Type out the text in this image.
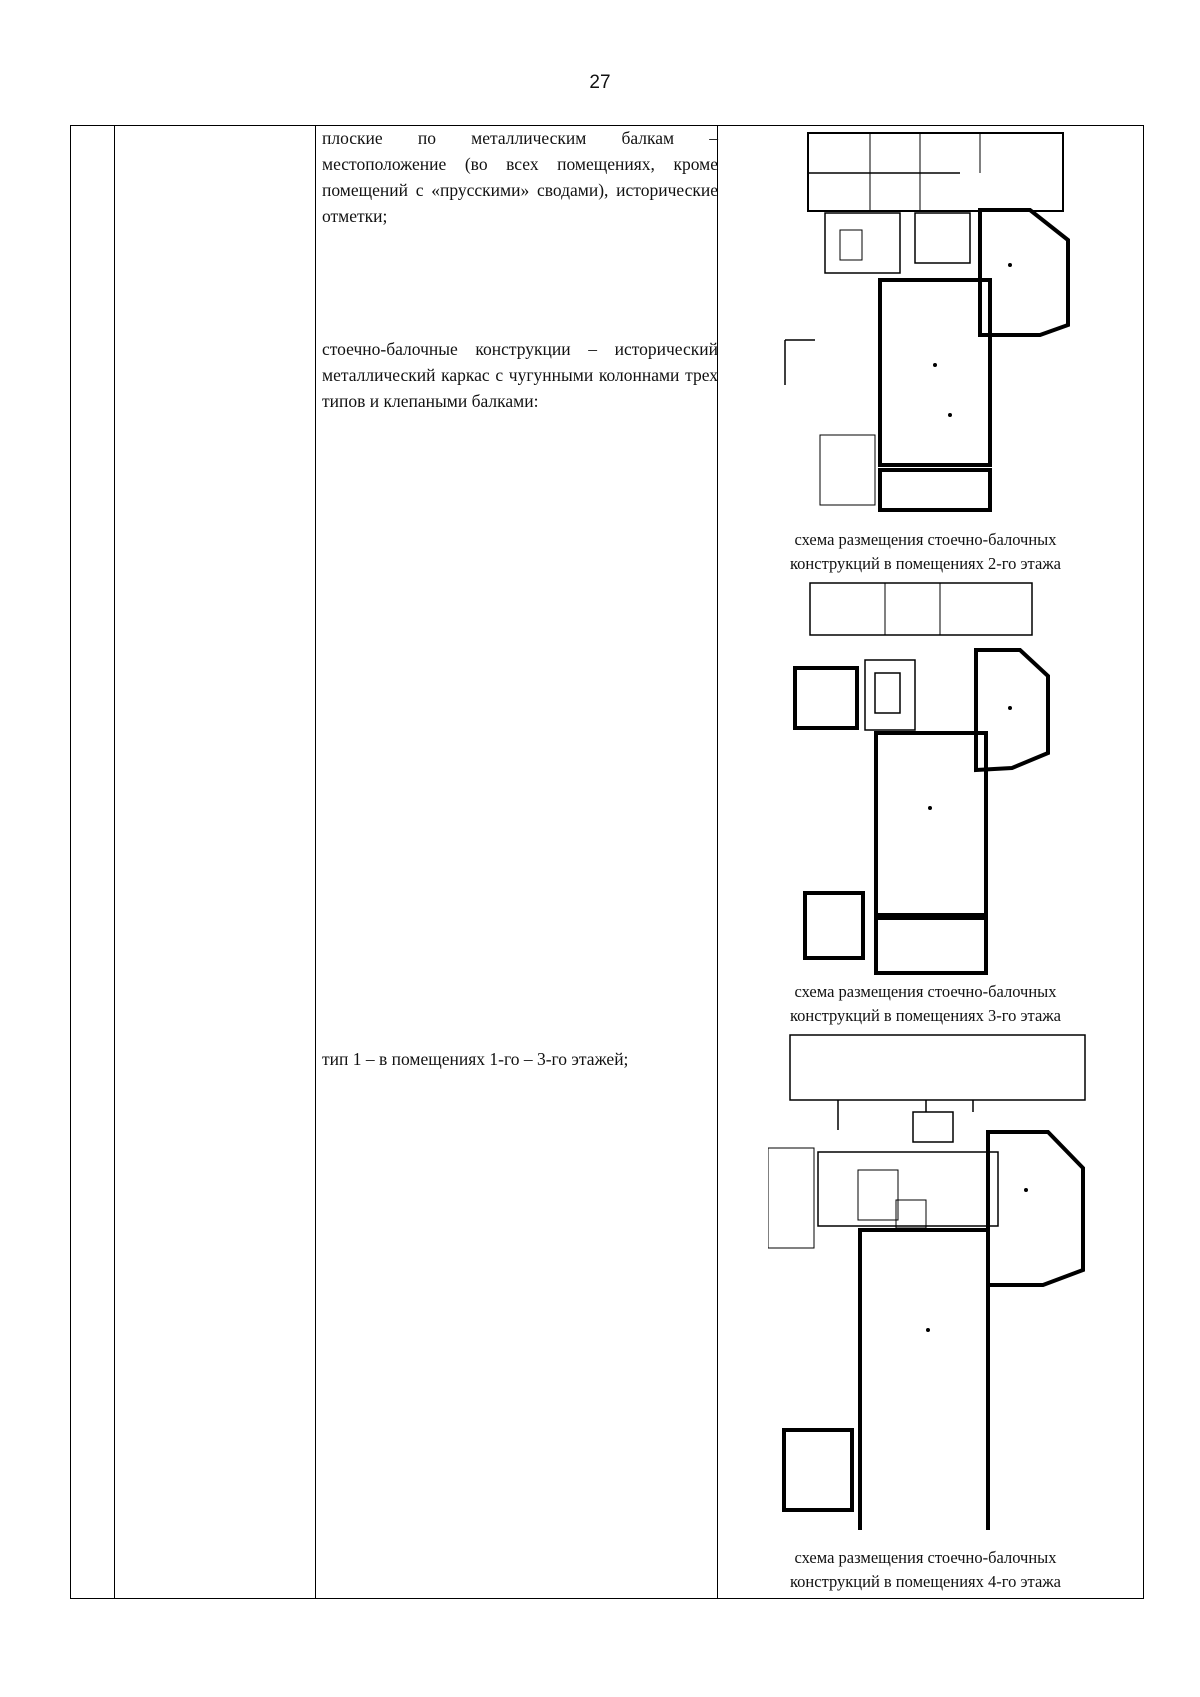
27
плоские по металлическим балкам – местоположение (во всех помещениях, кроме помещений с «прусскими» сводами), исторические отметки;
стоечно-балочные конструкции – исторический металлический каркас с чугунными колоннами трех типов и клепаными балками:
тип 1 – в помещениях 1-го – 3-го этажей;
схема размещения стоечно-балочных
конструкций в помещениях 2-го этажа
схема размещения стоечно-балочных
конструкций в помещениях 3-го этажа
схема размещения стоечно-балочных
конструкций в помещениях 4-го этажа
